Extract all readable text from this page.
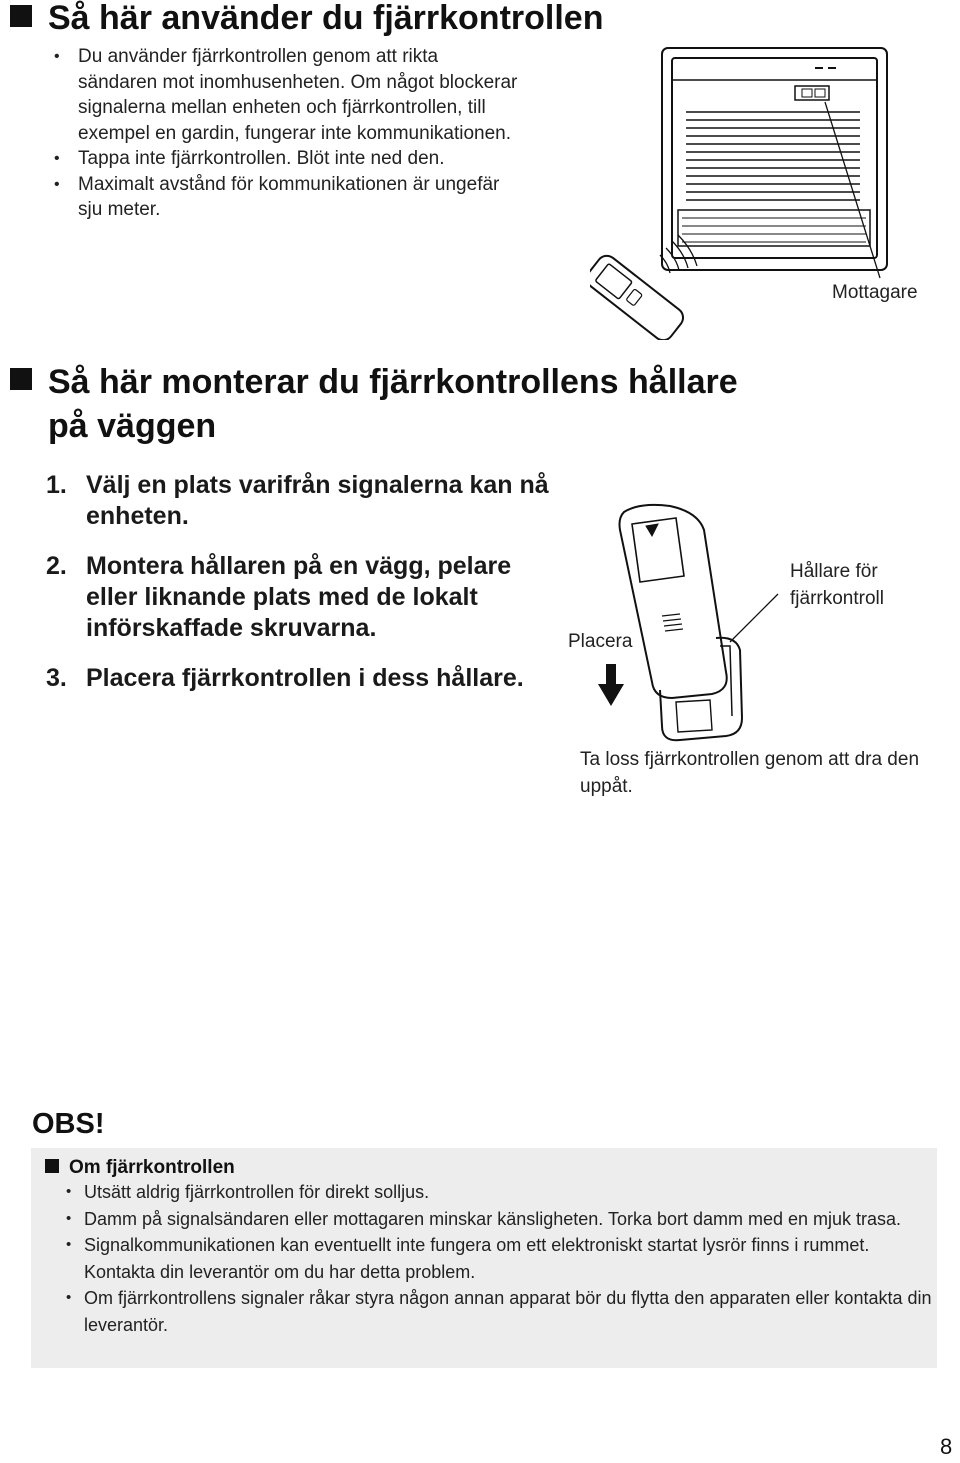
Så här använder du fjärrkontrollen
• Du använder fjärrkontrollen genom att rikta sändaren mot inomhusenheten. Om något blockerar signalerna mellan enheten och fjärrkontrollen, till exempel en gardin, fungerar inte kommunikationen.
• Tappa inte fjärrkontrollen. Blöt inte ned den.
• Maximalt avstånd för kommunikationen är ungefär sju meter.
Mottagare
Så här monterar du fjärrkontrollens hållare
på väggen
1. Välj en plats varifrån signalerna kan nå enheten.
2. Montera hållaren på en vägg, pelare eller liknande plats med de lokalt införskaffade skruvarna.
3. Placera fjärrkontrollen i dess hållare.
Placera
Hållare för fjärrkontroll
Ta loss fjärrkontrollen genom att dra den uppåt.
OBS!
Om fjärrkontrollen
• Utsätt aldrig fjärrkontrollen för direkt solljus.
• Damm på signalsändaren eller mottagaren minskar känsligheten. Torka bort damm med en mjuk trasa.
• Signalkommunikationen kan eventuellt inte fungera om ett elektroniskt startat lysrör finns i rummet. Kontakta din leverantör om du har detta problem.
• Om fjärrkontrollens signaler råkar styra någon annan apparat bör du flytta den apparaten eller kontakta din leverantör.
8
